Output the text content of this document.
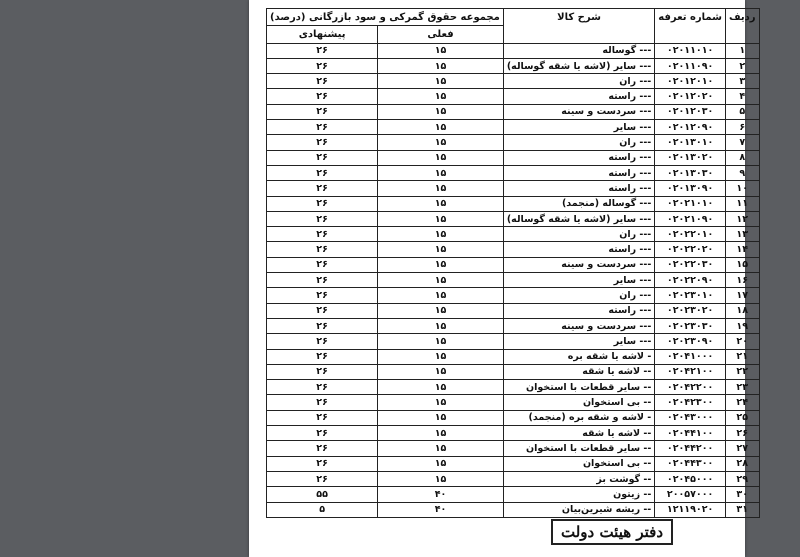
ردیف	شماره تعرفه	شرح کالا	مجموعه حقوق گمرکی و سود بازرگانی (درصد)	
			فعلی	پیشنهادی
۱	۰۲۰۱۱۰۱۰	--- گوساله	۱۵	۲۶
۲	۰۲۰۱۱۰۹۰	--- سایر (لاشه یا شقه گوساله)	۱۵	۲۶
۳	۰۲۰۱۲۰۱۰	--- ران	۱۵	۲۶
۴	۰۲۰۱۲۰۲۰	--- راسته	۱۵	۲۶
۵	۰۲۰۱۲۰۳۰	--- سردست و سینه	۱۵	۲۶
۶	۰۲۰۱۲۰۹۰	--- سایر	۱۵	۲۶
۷	۰۲۰۱۳۰۱۰	--- ران	۱۵	۲۶
۸	۰۲۰۱۳۰۲۰	--- راسته	۱۵	۲۶
۹	۰۲۰۱۳۰۳۰	--- راسته	۱۵	۲۶
۱۰	۰۲۰۱۳۰۹۰	--- راسته	۱۵	۲۶
۱۱	۰۲۰۲۱۰۱۰	--- گوساله (منجمد)	۱۵	۲۶
۱۲	۰۲۰۲۱۰۹۰	--- سایر (لاشه یا شقه گوساله)	۱۵	۲۶
۱۳	۰۲۰۲۲۰۱۰	--- ران	۱۵	۲۶
۱۴	۰۲۰۲۲۰۲۰	--- راسته	۱۵	۲۶
۱۵	۰۲۰۲۲۰۳۰	--- سردست و سینه	۱۵	۲۶
۱۶	۰۲۰۲۲۰۹۰	--- سایر	۱۵	۲۶
۱۷	۰۲۰۲۳۰۱۰	--- ران	۱۵	۲۶
۱۸	۰۲۰۲۳۰۲۰	--- راسته	۱۵	۲۶
۱۹	۰۲۰۲۳۰۳۰	--- سردست و سینه	۱۵	۲۶
۲۰	۰۲۰۲۳۰۹۰	--- سایر	۱۵	۲۶
۲۱	۰۲۰۴۱۰۰۰	- لاشه یا شقه بره	۱۵	۲۶
۲۲	۰۲۰۴۲۱۰۰	-- لاشه یا شقه	۱۵	۲۶
۲۳	۰۲۰۴۲۲۰۰	-- سایر قطعات با استخوان	۱۵	۲۶
۲۴	۰۲۰۴۲۳۰۰	-- بی استخوان	۱۵	۲۶
۲۵	۰۲۰۴۳۰۰۰	- لاشه و شقه بره (منجمد)	۱۵	۲۶
۲۶	۰۲۰۴۴۱۰۰	-- لاشه یا شقه	۱۵	۲۶
۲۷	۰۲۰۴۴۲۰۰	-- سایر قطعات با استخوان	۱۵	۲۶
۲۸	۰۲۰۴۴۳۰۰	-- بی استخوان	۱۵	۲۶
۲۹	۰۲۰۴۵۰۰۰	-- گوشت بز	۱۵	۲۶
۳۰	۲۰۰۵۷۰۰۰	-- زیتون	۴۰	۵۵
۳۱	۱۲۱۱۹۰۲۰	-- ریشه شیرین‌بیان	۴۰	۵
دفتر هیئت دولت
